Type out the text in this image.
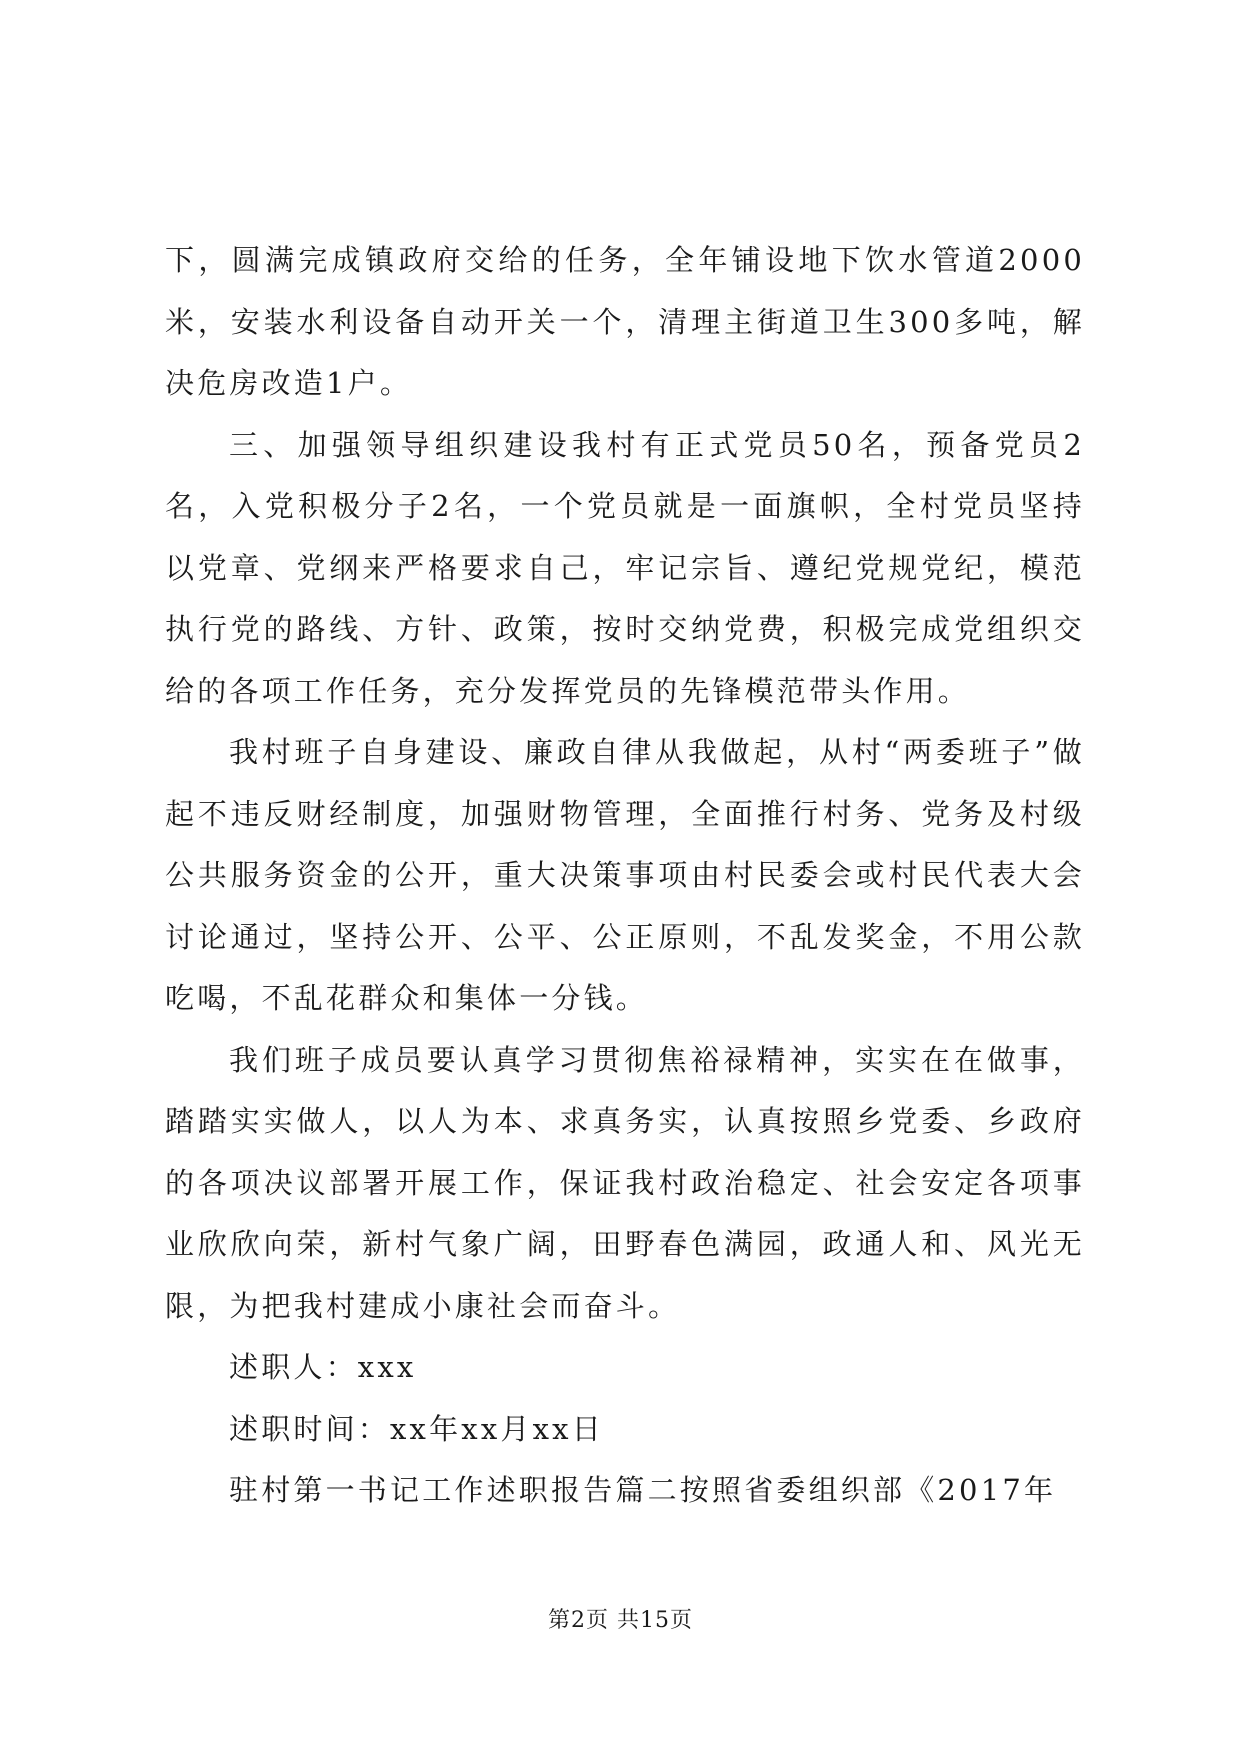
下，圆满完成镇政府交给的任务，全年铺设地下饮水管道2000米，安装水利设备自动开关一个，清理主街道卫生300多吨，解决危房改造1户。

三、加强领导组织建设我村有正式党员50名，预备党员2名，入党积极分子2名，一个党员就是一面旗帜，全村党员坚持以党章、党纲来严格要求自己，牢记宗旨、遵纪党规党纪，模范执行党的路线、方针、政策，按时交纳党费，积极完成党组织交给的各项工作任务，充分发挥党员的先锋模范带头作用。

我村班子自身建设、廉政自律从我做起，从村“两委班子”做起不违反财经制度，加强财物管理，全面推行村务、党务及村级公共服务资金的公开，重大决策事项由村民委会或村民代表大会讨论通过，坚持公开、公平、公正原则，不乱发奖金，不用公款吃喝，不乱花群众和集体一分钱。

我们班子成员要认真学习贯彻焦裕禄精神，实实在在做事，踏踏实实做人，以人为本、求真务实，认真按照乡党委、乡政府的各项决议部署开展工作，保证我村政治稳定、社会安定各项事业欣欣向荣，新村气象广阔，田野春色满园，政通人和、风光无限，为把我村建成小康社会而奋斗。

述职人：xxx

述职时间：xx年xx月xx日

驻村第一书记工作述职报告篇二按照省委组织部《2017年

第2页 共15页
